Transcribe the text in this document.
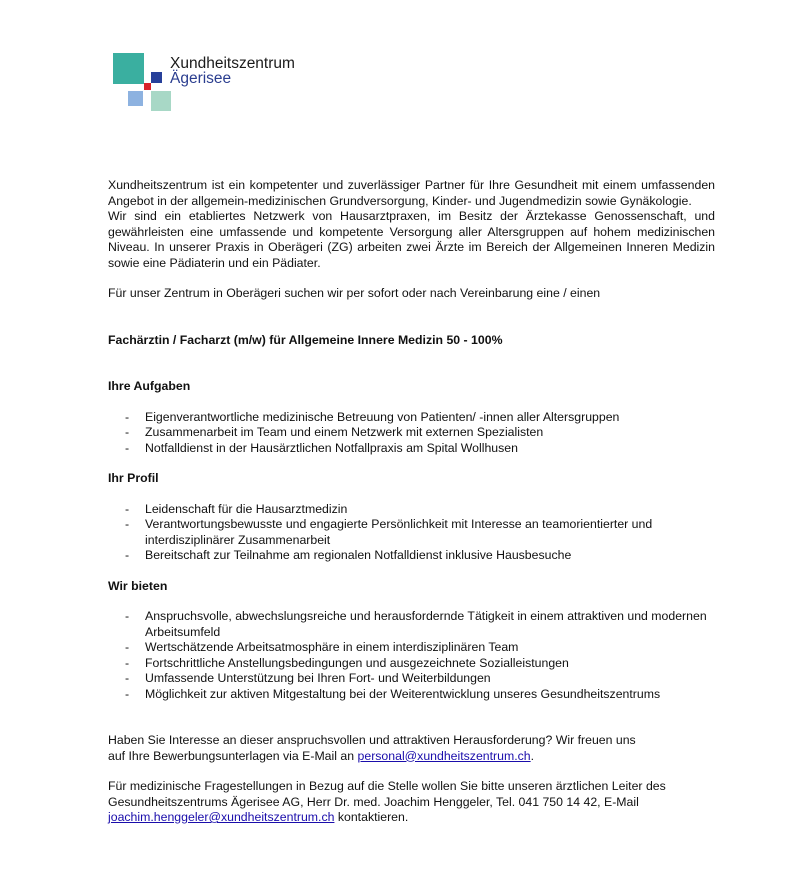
Xundheitszentrum
Ägerisee

Xundheitszentrum ist ein kompetenter und zuverlässiger Partner für Ihre Gesundheit mit einem umfassenden Angebot in der allgemein-medizinischen Grundversorgung, Kinder- und Jugendmedizin sowie Gynäkologie.

Wir sind ein etabliertes Netzwerk von Hausarztpraxen, im Besitz der Ärztekasse Genossenschaft, und gewährleisten eine umfassende und kompetente Versorgung aller Altersgruppen auf hohem medizinischen Niveau. In unserer Praxis in Oberägeri (ZG) arbeiten zwei Ärzte im Bereich der Allgemeinen Inneren Medizin sowie eine Pädiaterin und ein Pädiater.

Für unser Zentrum in Oberägeri suchen wir per sofort oder nach Vereinbarung eine / einen

Fachärztin / Facharzt (m/w) für Allgemeine Innere Medizin 50 - 100%
Ihre Aufgaben
- Eigenverantwortliche medizinische Betreuung von Patienten/ -innen aller Altersgruppen
- Zusammenarbeit im Team und einem Netzwerk mit externen Spezialisten
- Notfalldienst in der Hausärztlichen Notfallpraxis am Spital Wollhusen
Ihr Profil
- Leidenschaft für die Hausarztmedizin
- Verantwortungsbewusste und engagierte Persönlichkeit mit Interesse an teamorientierter und interdisziplinärer Zusammenarbeit
- Bereitschaft zur Teilnahme am regionalen Notfalldienst inklusive Hausbesuche
Wir bieten
- Anspruchsvolle, abwechslungsreiche und herausfordernde Tätigkeit in einem attraktiven und modernen Arbeitsumfeld
- Wertschätzende Arbeitsatmosphäre in einem interdisziplinären Team
- Fortschrittliche Anstellungsbedingungen und ausgezeichnete Sozialleistungen
- Umfassende Unterstützung bei Ihren Fort- und Weiterbildungen
- Möglichkeit zur aktiven Mitgestaltung bei der Weiterentwicklung unseres Gesundheitszentrums

Haben Sie Interesse an dieser anspruchsvollen und attraktiven Herausforderung? Wir freuen uns
auf Ihre Bewerbungsunterlagen via E-Mail an personal@xundheitszentrum.ch.

Für medizinische Fragestellungen in Bezug auf die Stelle wollen Sie bitte unseren ärztlichen Leiter des
Gesundheitszentrums Ägerisee AG, Herr Dr. med. Joachim Henggeler, Tel. 041 750 14 42, E-Mail
joachim.henggeler@xundheitszentrum.ch kontaktieren.
